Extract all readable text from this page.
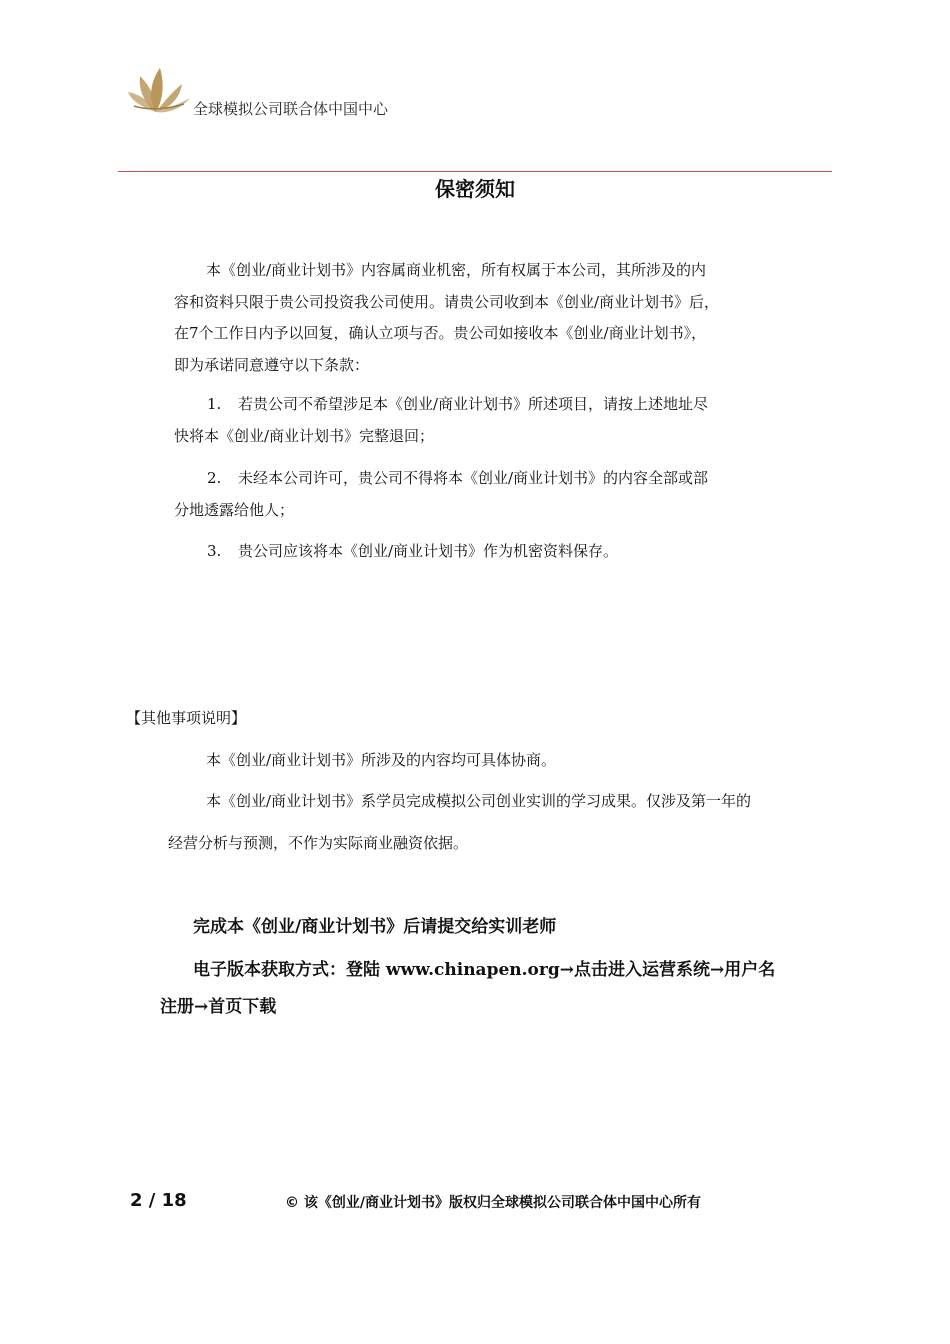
全球模拟公司联合体中国中心
保密须知
本《创业/商业计划书》内容属商业机密，所有权属于本公司，其所涉及的内
容和资料只限于贵公司投资我公司使用。请贵公司收到本《创业/商业计划书》后，
在7个工作日内予以回复，确认立项与否。贵公司如接收本《创业/商业计划书》，
即为承诺同意遵守以下条款：
1. 若贵公司不希望涉足本《创业/商业计划书》所述项目，请按上述地址尽
快将本《创业/商业计划书》完整退回；
2. 未经本公司许可，贵公司不得将本《创业/商业计划书》的内容全部或部
分地透露给他人；
3. 贵公司应该将本《创业/商业计划书》作为机密资料保存。
【其他事项说明】
本《创业/商业计划书》所涉及的内容均可具体协商。
本《创业/商业计划书》系学员完成模拟公司创业实训的学习成果。仅涉及第一年的
经营分析与预测，不作为实际商业融资依据。
完成本《创业/商业计划书》后请提交给实训老师
电子版本获取方式：登陆 www.chinapen.org→点击进入运营系统→用户名
注册→首页下载
2 / 18	© 该《创业/商业计划书》版权归全球模拟公司联合体中国中心所有
